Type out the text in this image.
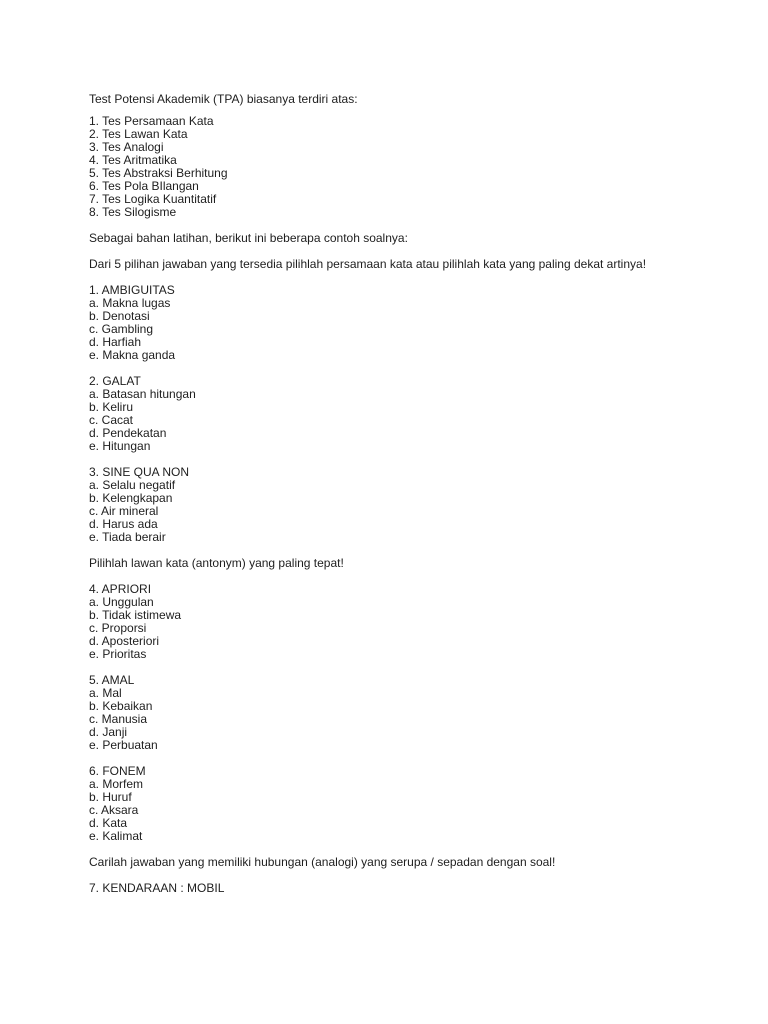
Test Potensi Akademik (TPA) biasanya terdiri atas:
1. Tes Persamaan Kata
2. Tes Lawan Kata
3. Tes Analogi
4. Tes Aritmatika
5. Tes Abstraksi Berhitung
6. Tes Pola BIlangan
7. Tes Logika Kuantitatif
8. Tes Silogisme
Sebagai bahan latihan, berikut ini beberapa contoh soalnya:
Dari 5 pilihan jawaban yang tersedia pilihlah persamaan kata atau pilihlah kata yang paling dekat artinya!
1. AMBIGUITAS
a. Makna lugas
b. Denotasi
c. Gambling
d. Harfiah
e. Makna ganda
2. GALAT
a. Batasan hitungan
b. Keliru
c. Cacat
d. Pendekatan
e. Hitungan
3. SINE QUA NON
a. Selalu negatif
b. Kelengkapan
c. Air mineral
d. Harus ada
e. Tiada berair
Pilihlah lawan kata (antonym) yang paling tepat!
4. APRIORI
a. Unggulan
b. Tidak istimewa
c. Proporsi
d. Aposteriori
e. Prioritas
5. AMAL
a. Mal
b. Kebaikan
c. Manusia
d. Janji
e. Perbuatan
6. FONEM
a. Morfem
b. Huruf
c. Aksara
d. Kata
e. Kalimat
Carilah jawaban yang memiliki hubungan (analogi) yang serupa / sepadan dengan soal!
7. KENDARAAN : MOBIL
